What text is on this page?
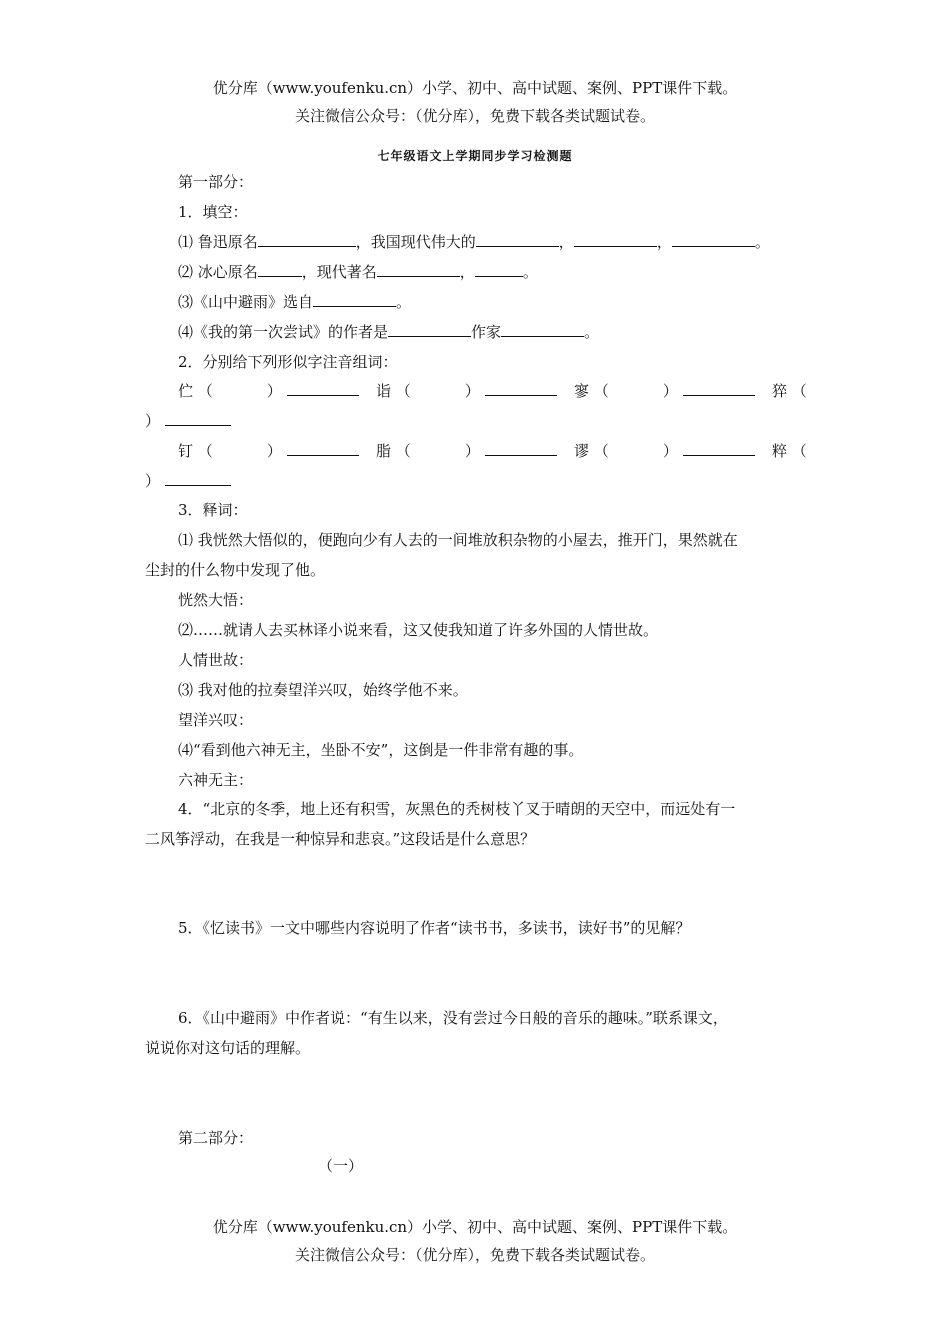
优分库（www.youfenku.cn）小学、初中、高中试题、案例、PPT课件下载。
关注微信公众号：（优分库），免费下载各类试题试卷。
七年级语文上学期同步学习检测题
第一部分：
1．填空：
⑴ 鲁迅原名	，我国现代伟大的	，	，	。
⑵ 冰心原名	，现代著名	，	。
⑶《山中避雨》选自	。
⑷《我的第一次尝试》的作者是	作家	。
2．分别给下列形似字注音组词：
伫 （	）	诣 （	）	寥 （	）	猝 （
）
钉 （	）	脂 （	）	谬 （	）	粹 （
）
3．释词：
⑴ 我恍然大悟似的，便跑向少有人去的一间堆放积杂物的小屋去，推开门，果然就在
尘封的什么物中发现了他。
恍然大悟：
⑵……就请人去买林译小说来看，这又使我知道了许多外国的人情世故。
人情世故：
⑶ 我对他的拉奏望洋兴叹，始终学他不来。
望洋兴叹：
⑷“看到他六神无主，坐卧不安”，这倒是一件非常有趣的事。
六神无主：
4．“北京的冬季，地上还有积雪，灰黑色的秃树枝丫叉于晴朗的天空中，而远处有一
二风筝浮动，在我是一种惊异和悲哀。”这段话是什么意思？
5．《忆读书》一文中哪些内容说明了作者“读书书，多读书，读好书”的见解？
6．《山中避雨》中作者说：“有生以来，没有尝过今日般的音乐的趣味。”联系课文，
说说你对这句话的理解。
第二部分：
（一）
优分库（www.youfenku.cn）小学、初中、高中试题、案例、PPT课件下载。
关注微信公众号：（优分库），免费下载各类试题试卷。
